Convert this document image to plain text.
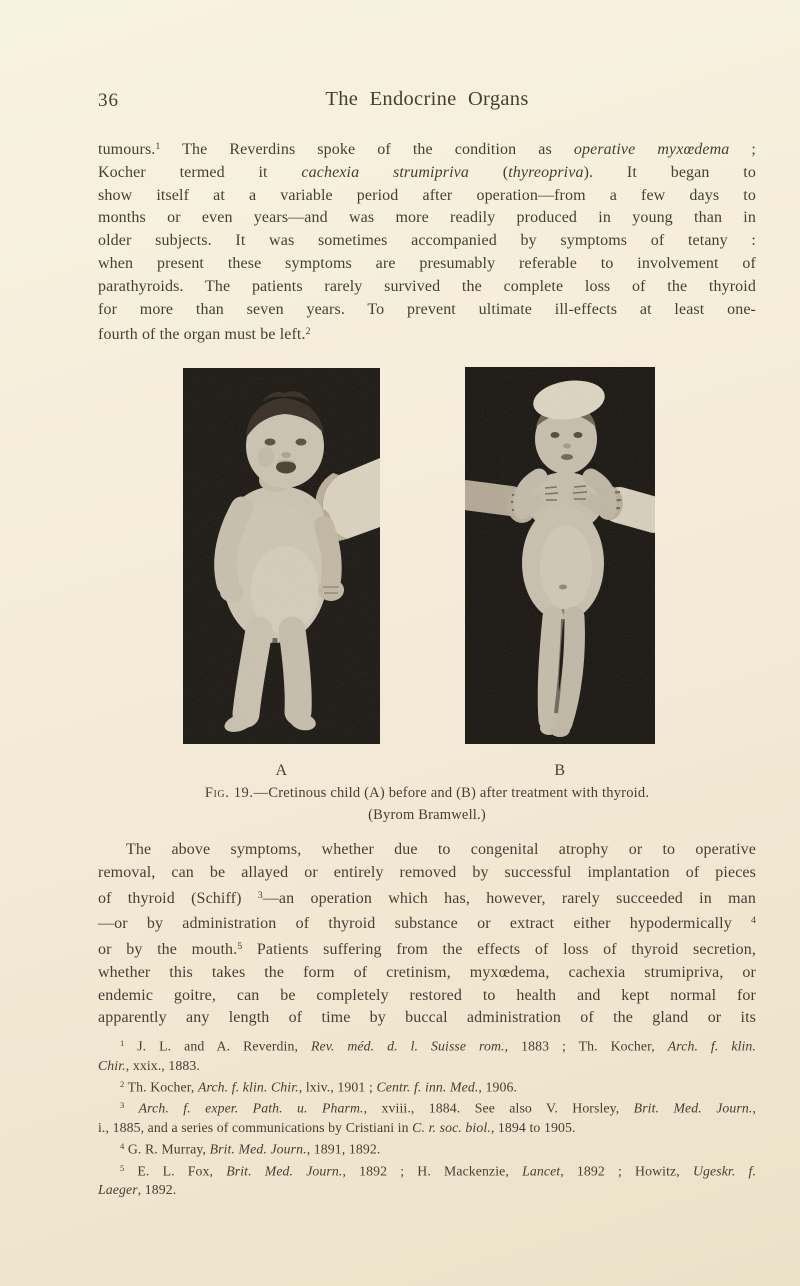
36	The Endocrine Organs
tumours.$^1$ The Reverdins spoke of the condition as operative myxœdema ;
Kocher termed it cachexia strumipriva (thyreopriva). It began to
show itself at a variable period after operation—from a few days to
months or even years—and was more readily produced in young than in
older subjects. It was sometimes accompanied by symptoms of tetany :
when present these symptoms are presumably referable to involvement of
parathyroids. The patients rarely survived the complete loss of the thyroid
for more than seven years. To prevent ultimate ill-effects at least one-
fourth of the organ must be left.$^2$
A	B
Fig. 19.—Cretinous child (A) before and (B) after treatment with thyroid.
(Byrom Bramwell.)
The above symptoms, whether due to congenital atrophy or to operative
removal, can be allayed or entirely removed by successful implantation of pieces
of thyroid (Schiff) $^3$—an operation which has, however, rarely succeeded in man
—or by administration of thyroid substance or extract either hypodermically $^4$
or by the mouth.$^5$ Patients suffering from the effects of loss of thyroid secretion,
whether this takes the form of cretinism, myxœdema, cachexia strumipriva, or
endemic goitre, can be completely restored to health and kept normal for
apparently any length of time by buccal administration of the gland or its
$^1$ J. L. and A. Reverdin, Rev. méd. d. l. Suisse rom., 1883 ; Th. Kocher, Arch. f. klin.
Chir., xxix., 1883.
$^2$ Th. Kocher, Arch. f. klin. Chir., lxiv., 1901 ; Centr. f. inn. Med., 1906.
$^3$ Arch. f. exper. Path. u. Pharm., xviii., 1884. See also V. Horsley, Brit. Med. Journ.,
i., 1885, and a series of communications by Cristiani in C. r. soc. biol., 1894 to 1905.
$^4$ G. R. Murray, Brit. Med. Journ., 1891, 1892.
$^5$ E. L. Fox, Brit. Med. Journ., 1892 ; H. Mackenzie, Lancet, 1892 ; Howitz, Ugeskr. f.
Laeger, 1892.
